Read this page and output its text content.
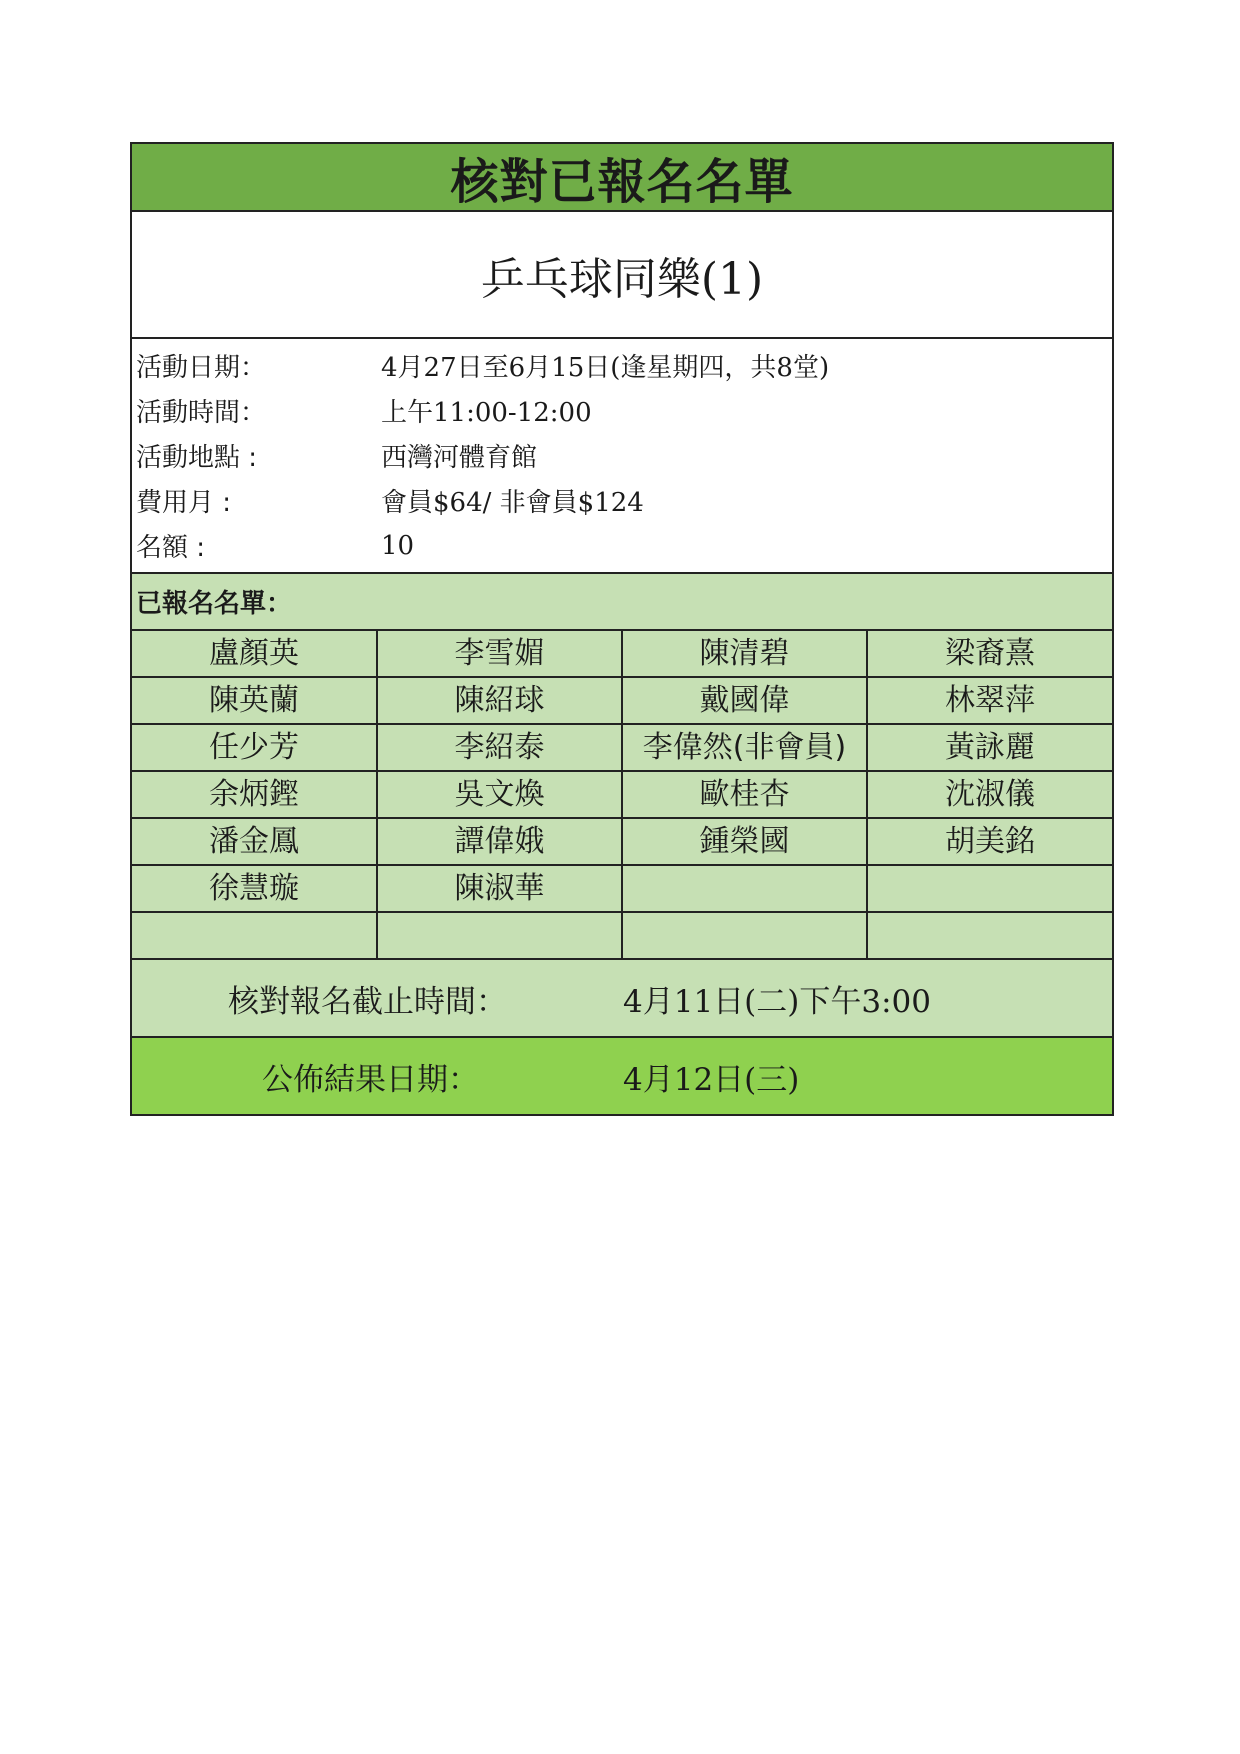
核對已報名名單
乒乓球同樂(1)
活動日期：	4月27日至6月15日(逢星期四，共8堂)
活動時間：	上午11:00-12:00
活動地點 :	西灣河體育館
費用月 :	會員$64/ 非會員$124
名額 :	10
已報名名單：
盧顏英	李雪媚	陳清碧	梁裔熹
陳英蘭	陳紹球	戴國偉	林翠萍
任少芳	李紹泰	李偉然(非會員)	黃詠麗
余炳鏗	吳文煥	歐桂杏	沈淑儀
潘金鳳	譚偉娥	鍾榮國	胡美銘
徐慧璇	陳淑華		

核對報名截止時間：	4月11日(二)下午3:00
公佈結果日期：	4月12日(三)
